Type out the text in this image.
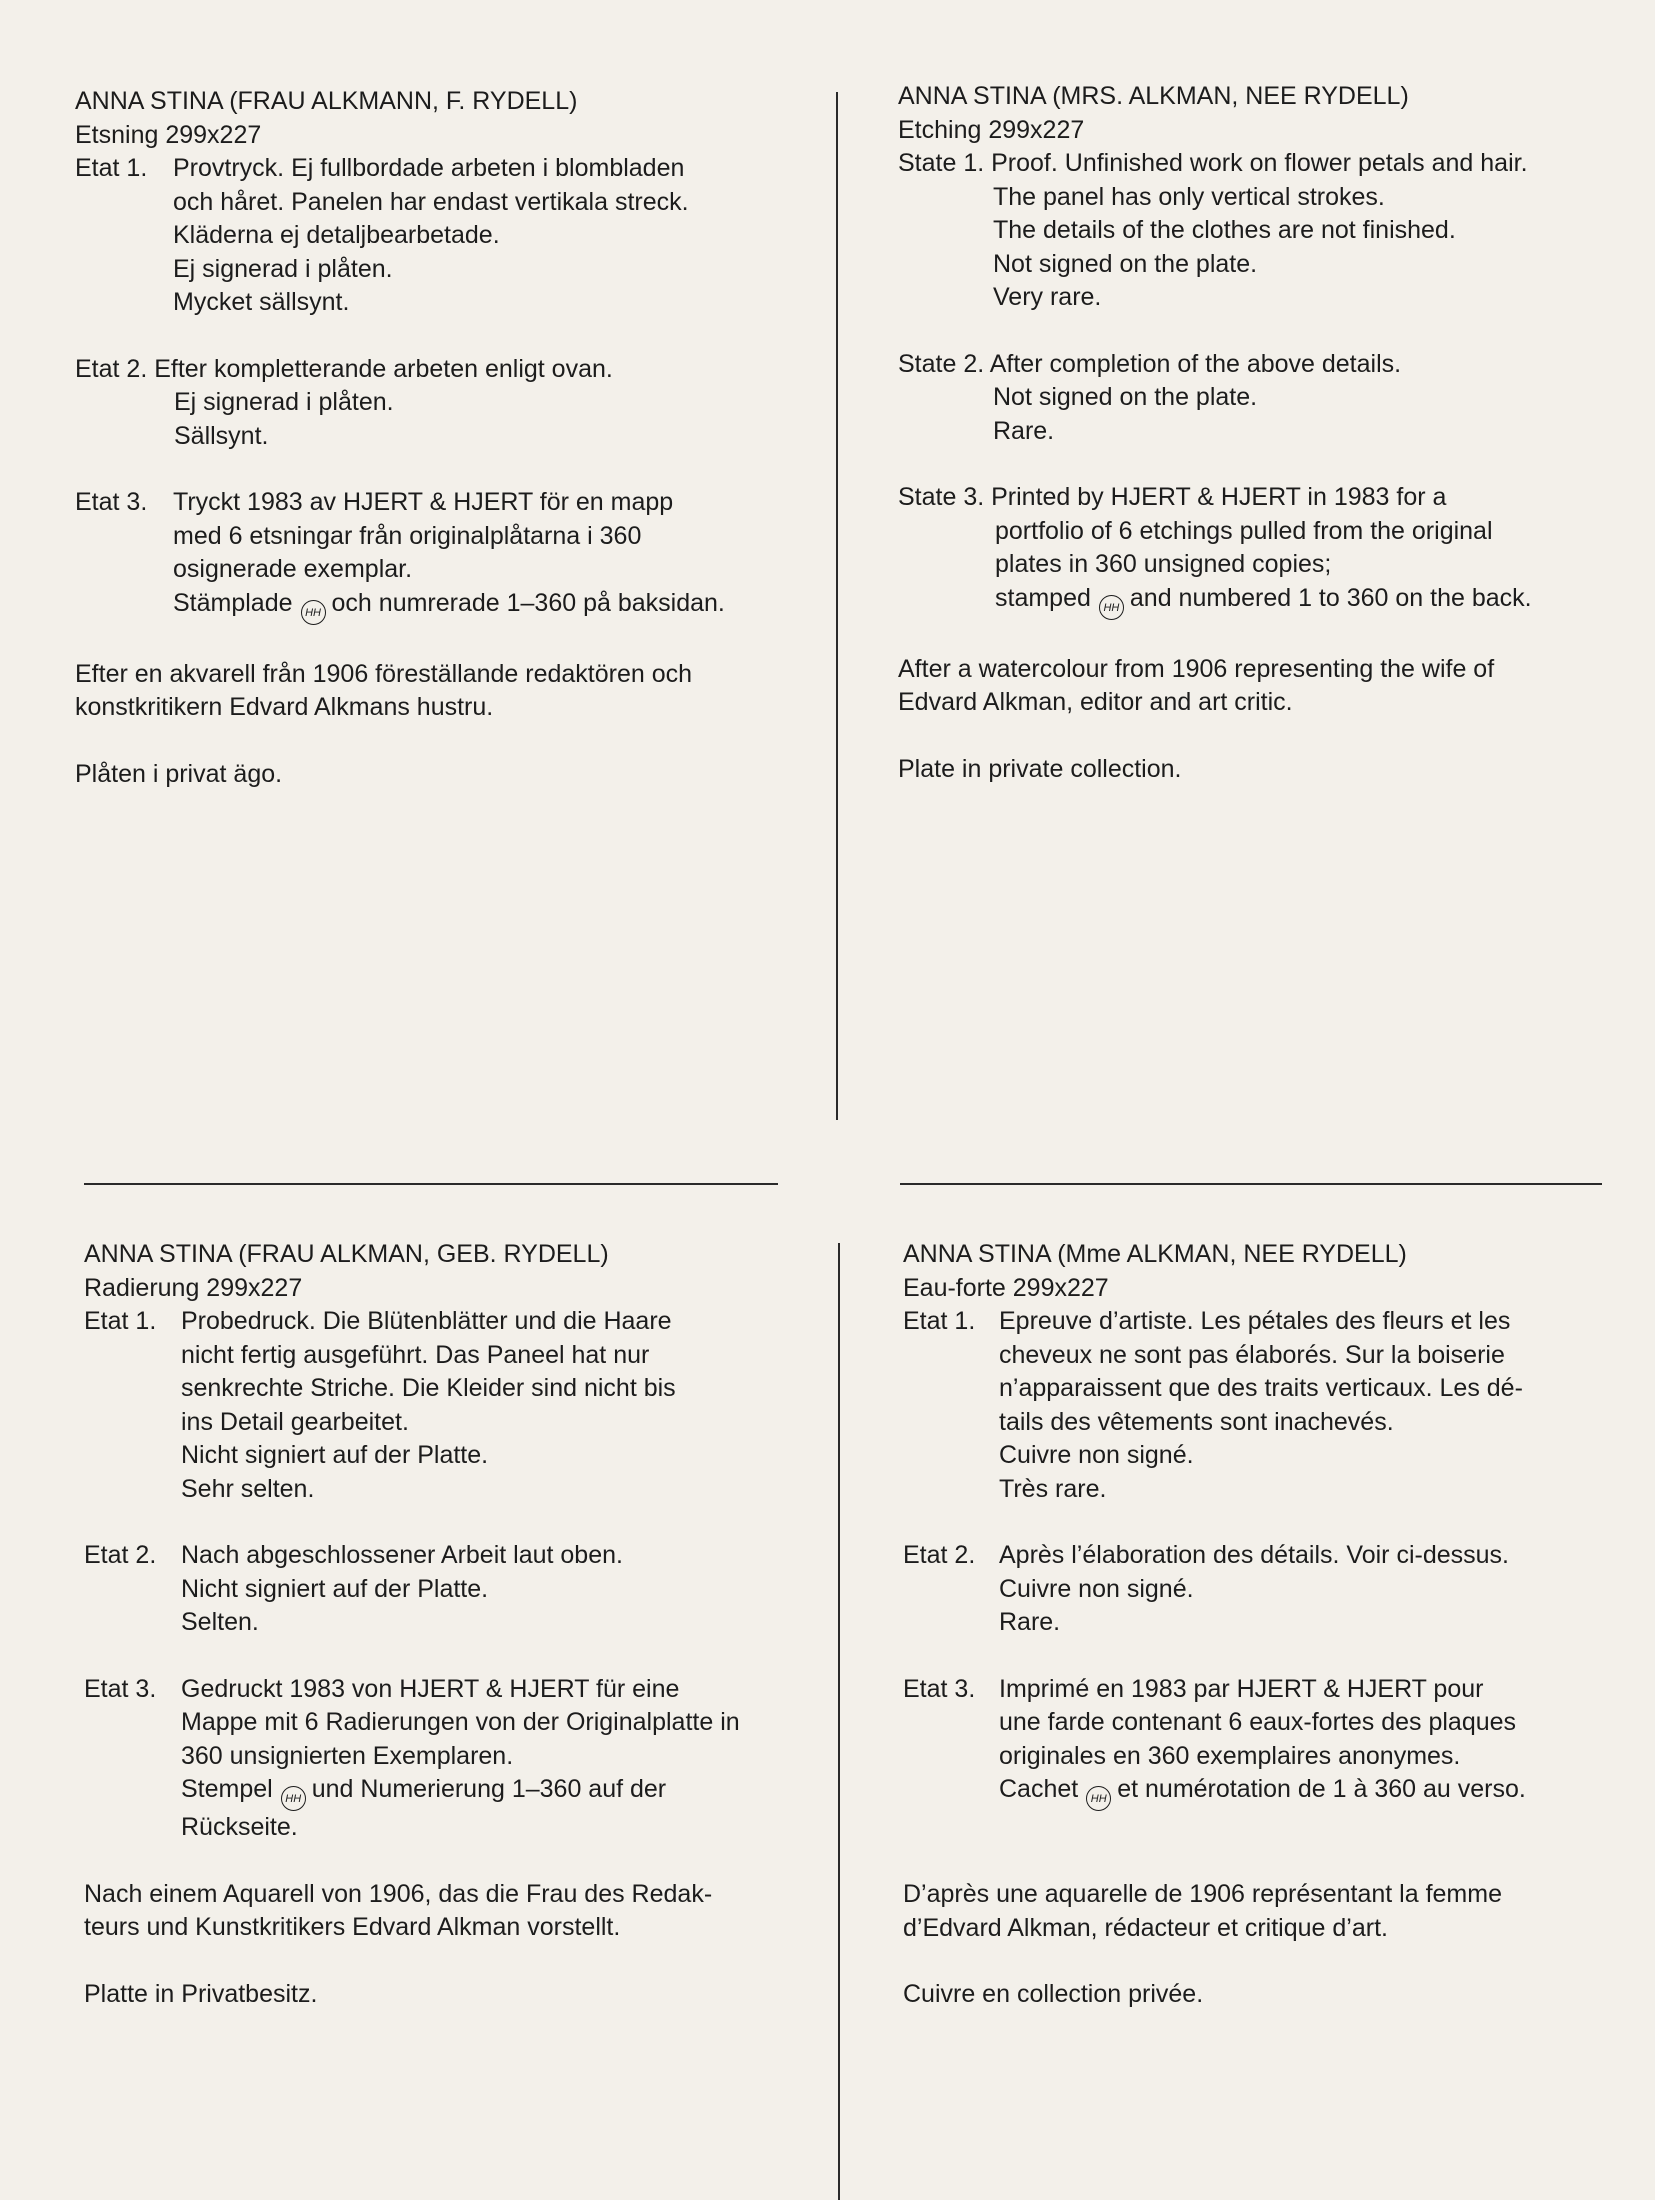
ANNA STINA (FRAU ALKMANN, F. RYDELL)

Etsning 299x227

Etat 1.	Provtryck. Ej fullbordade arbeten i blombladen
och håret. Panelen har endast vertikala streck.
Kläderna ej detaljbearbetade.
Ej signerad i plåten.
Mycket sällsynt.
Etat 2. Efter kompletterande arbeten enligt ovan.
Ej signerad i plåten.
Sällsynt.
Etat 3.	Tryckt 1983 av HJERT & HJERT för en mapp
med 6 etsningar från originalplåtarna i 360
osignerade exemplar.
Stämplade HH och numrerade 1–360 på baksidan.
Efter en akvarell från 1906 föreställande redaktören och
konstkritikern Edvard Alkmans hustru.

Plåten i privat ägo.

ANNA STINA (MRS. ALKMAN, NEE RYDELL)

Etching 299x227

State 1. Proof. Unfinished work on flower petals and hair.
The panel has only vertical strokes.
The details of the clothes are not finished.
Not signed on the plate.
Very rare.
State 2. After completion of the above details.
Not signed on the plate.
Rare.
State 3. Printed by HJERT & HJERT in 1983 for a
portfolio of 6 etchings pulled from the original
plates in 360 unsigned copies;
stamped HH and numbered 1 to 360 on the back.
After a watercolour from 1906 representing the wife of
Edvard Alkman, editor and art critic.

Plate in private collection.

ANNA STINA (FRAU ALKMAN, GEB. RYDELL)

Radierung 299x227

Etat 1. Probedruck. Die Blütenblätter und die Haare
nicht fertig ausgeführt. Das Paneel hat nur
senkrechte Striche. Die Kleider sind nicht bis
ins Detail gearbeitet.
Nicht signiert auf der Platte.
Sehr selten.
Etat 2. Nach abgeschlossener Arbeit laut oben.
Nicht signiert auf der Platte.
Selten.
Etat 3. Gedruckt 1983 von HJERT & HJERT für eine
Mappe mit 6 Radierungen von der Originalplatte in
360 unsignierten Exemplaren.
Stempel HH und Numerierung 1–360 auf der
Rückseite.
Nach einem Aquarell von 1906, das die Frau des Redak-
teurs und Kunstkritikers Edvard Alkman vorstellt.

Platte in Privatbesitz.

ANNA STINA (Mme ALKMAN, NEE RYDELL)

Eau-forte 299x227

Etat 1. Epreuve d’artiste. Les pétales des fleurs et les
cheveux ne sont pas élaborés. Sur la boiserie
n’apparaissent que des traits verticaux. Les dé-
tails des vêtements sont inachevés.
Cuivre non signé.
Très rare.
Etat 2. Après l’élaboration des détails. Voir ci-dessus.
Cuivre non signé.
Rare.
Etat 3. Imprimé en 1983 par HJERT & HJERT pour
une farde contenant 6 eaux-fortes des plaques
originales en 360 exemplaires anonymes.
Cachet HH et numérotation de 1 à 360 au verso.
D’après une aquarelle de 1906 représentant la femme
d’Edvard Alkman, rédacteur et critique d’art.

Cuivre en collection privée.
